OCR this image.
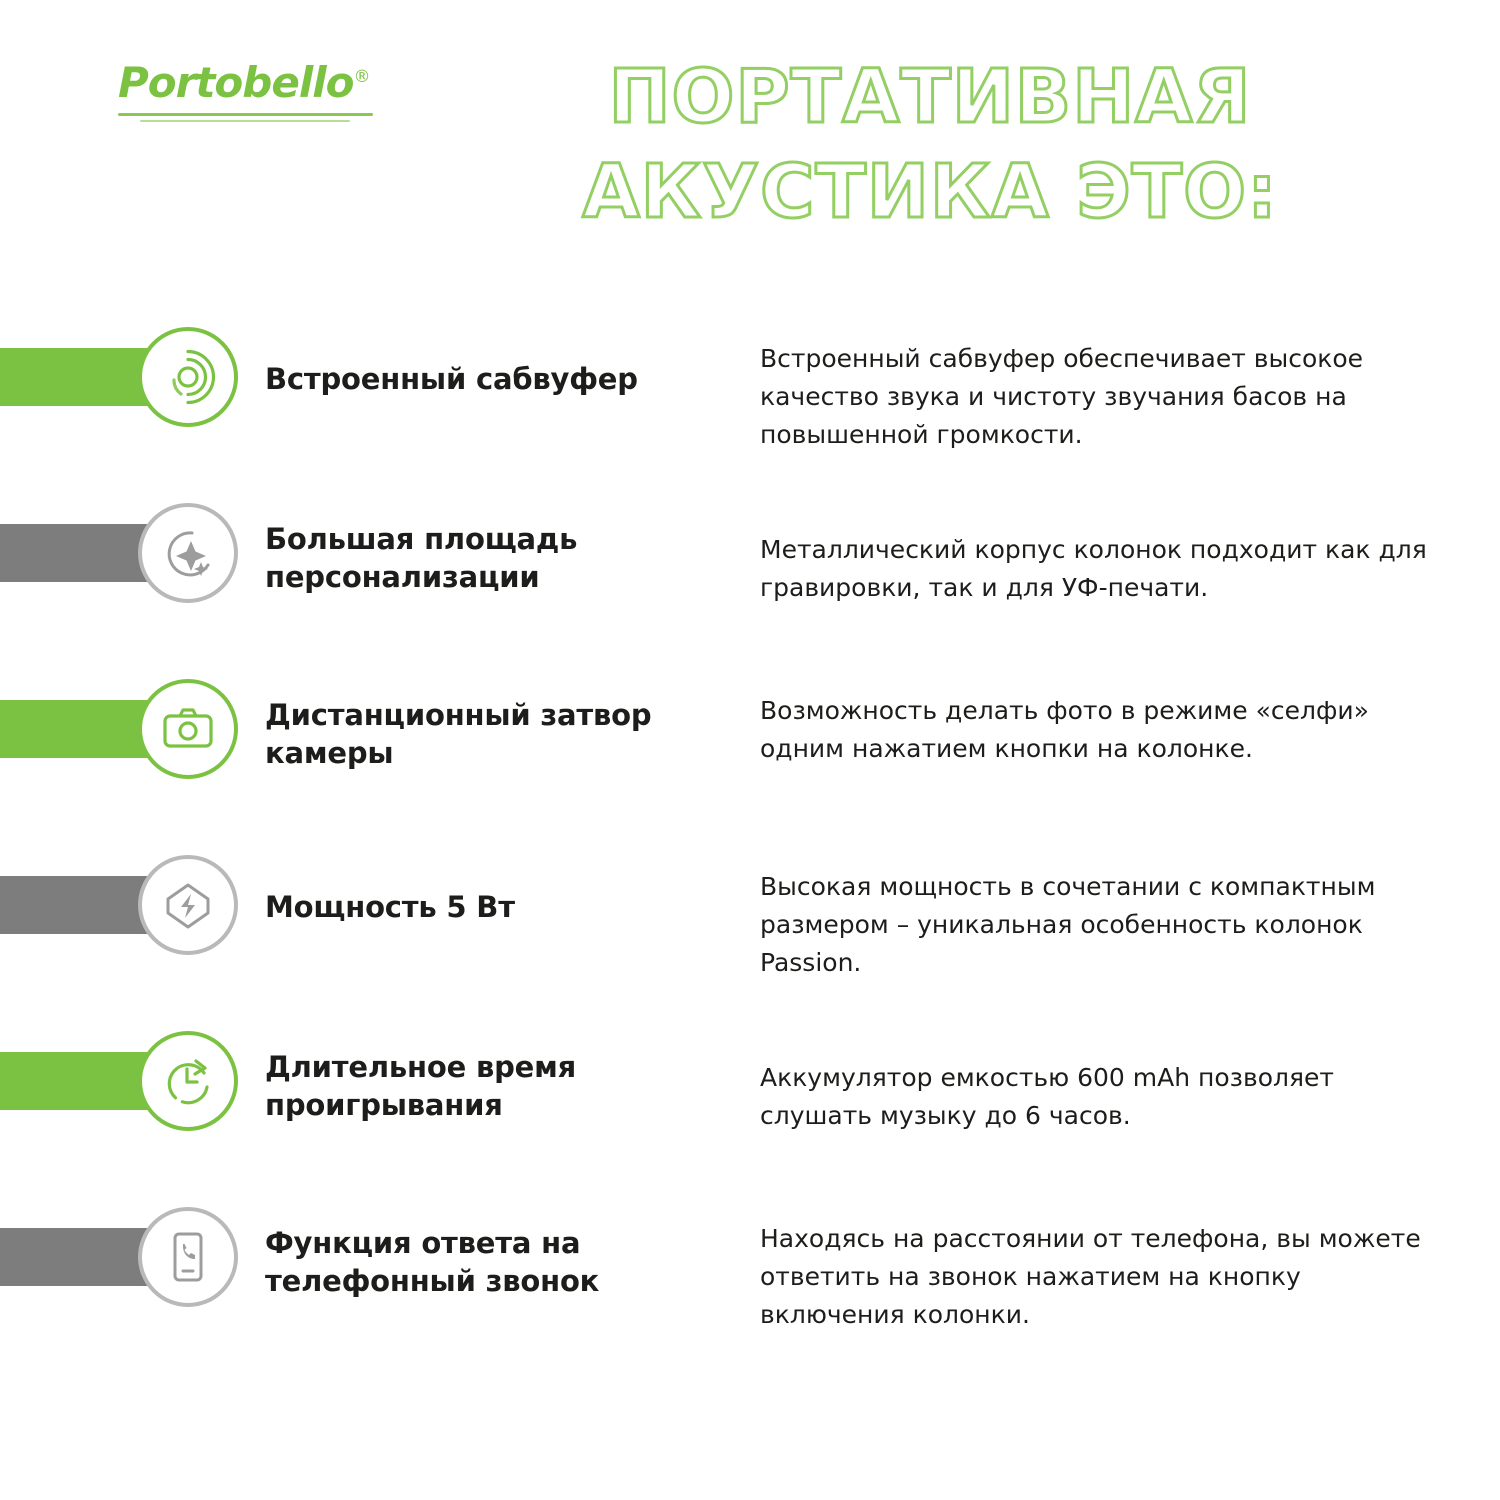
Portobello®	ПОРТАТИВНАЯ
АКУСТИКА ЭТО:
Встроенный сабвуфер
Встроенный сабвуфер обеспечивает высокое качество звука и чистоту звучания басов на повышенной громкости.
Большая площадь персонализации
Металлический корпус колонок подходит как для гравировки, так и для УФ-печати.
Дистанционный затвор камеры
Возможность делать фото в режиме «селфи» одним нажатием кнопки на колонке.
Мощность 5 Вт
Высокая мощность в сочетании с компактным размером – уникальная особенность колонок Passion.
Длительное время проигрывания
Аккумулятор емкостью 600 mAh позволяет слушать музыку до 6 часов.
Функция ответа на телефонный звонок
Находясь на расстоянии от телефона, вы можете ответить на звонок нажатием на кнопку включения колонки.
